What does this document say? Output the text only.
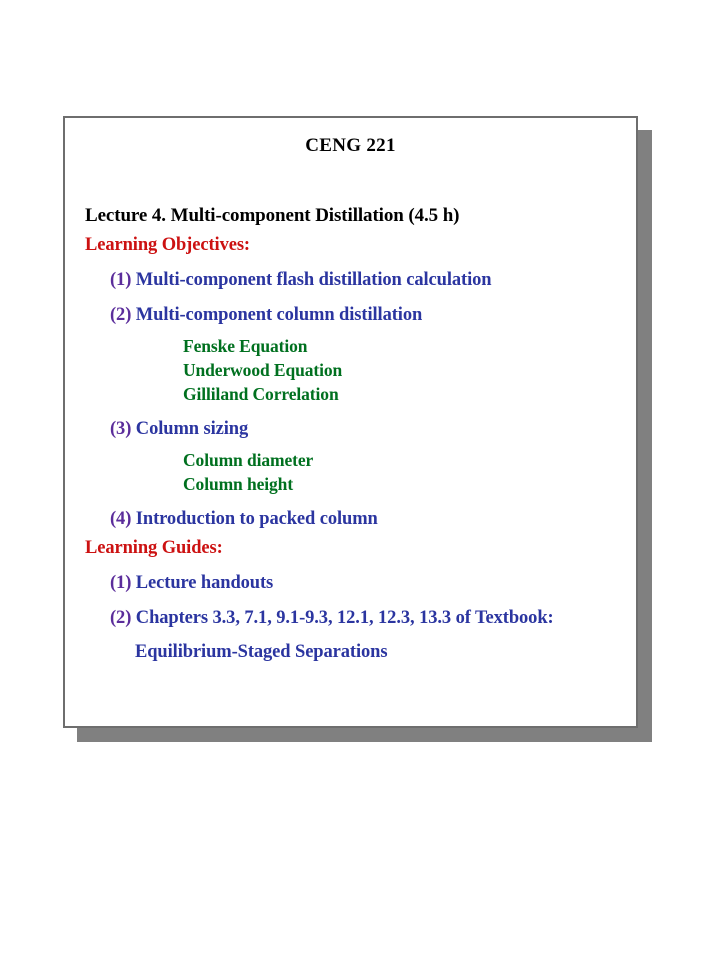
CENG 221
Lecture 4. Multi-component Distillation (4.5 h)
Learning Objectives:
(1) Multi-component flash distillation calculation
(2) Multi-component column distillation
Fenske Equation
Underwood Equation
Gilliland Correlation
(3) Column sizing
Column diameter
Column height
(4) Introduction to packed column
Learning Guides:
(1) Lecture handouts
(2) Chapters 3.3, 7.1, 9.1-9.3, 12.1, 12.3, 13.3 of Textbook:
Equilibrium-Staged Separations
